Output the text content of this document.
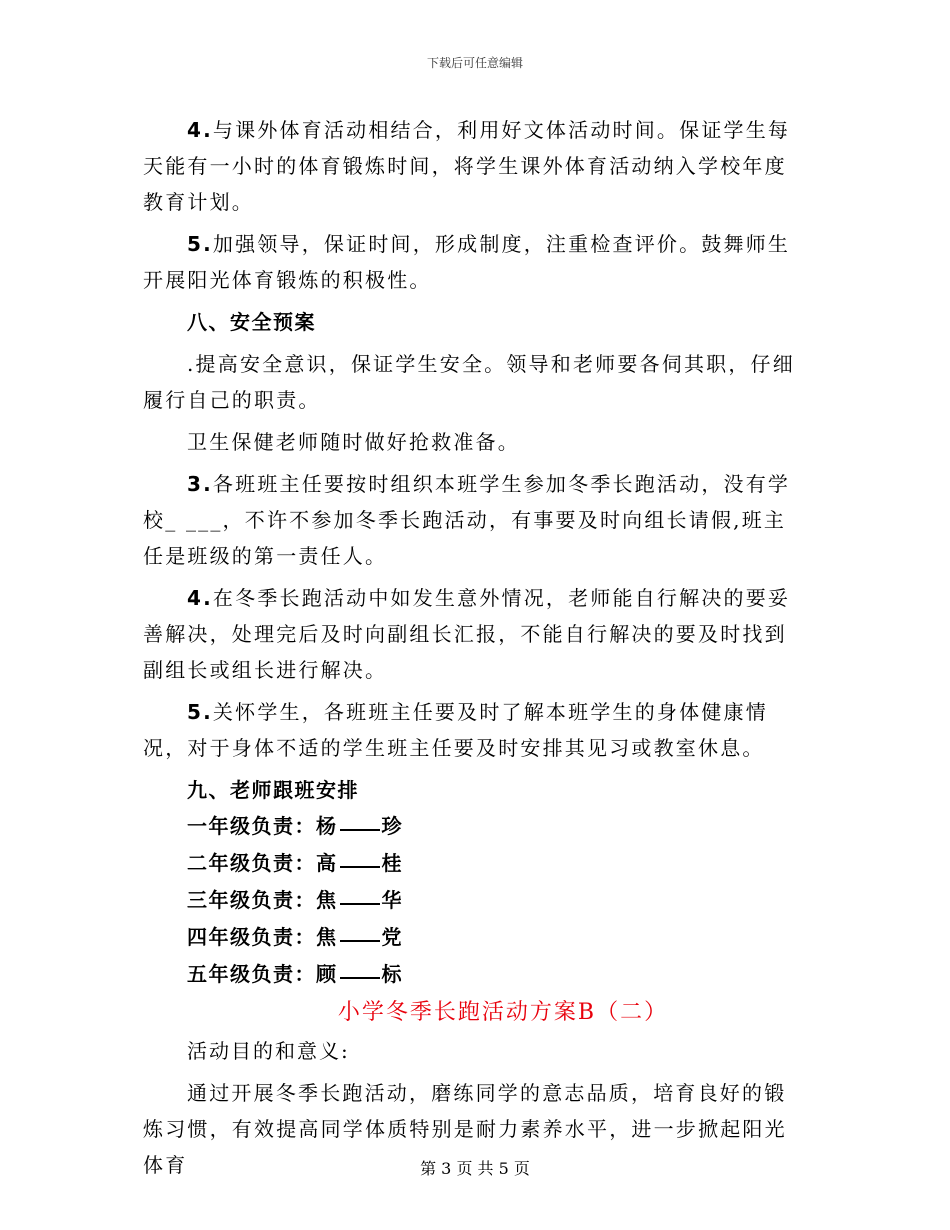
下载后可任意编辑

4.与课外体育活动相结合，利用好文体活动时间。保证学生每天能有一小时的体育锻炼时间，将学生课外体育活动纳入学校年度教育计划。

5.加强领导，保证时间，形成制度，注重检查评价。鼓舞师生开展阳光体育锻炼的积极性。

八、安全预案

.提高安全意识，保证学生安全。领导和老师要各伺其职，仔细履行自己的职责。

卫生保健老师随时做好抢救准备。

3.各班班主任要按时组织本班学生参加冬季长跑活动，没有学校_ ___，不许不参加冬季长跑活动，有事要及时向组长请假,班主任是班级的第一责任人。

4.在冬季长跑活动中如发生意外情况，老师能自行解决的要妥善解决，处理完后及时向副组长汇报，不能自行解决的要及时找到副组长或组长进行解决。

5.关怀学生，各班班主任要及时了解本班学生的身体健康情况，对于身体不适的学生班主任要及时安排其见习或教室休息。

九、老师跟班安排
一年级负责：杨 珍
二年级负责：高 桂
三年级负责：焦 华
四年级负责：焦 党
五年级负责：顾 标
小学冬季长跑活动方案B（二）
活动目的和意义:

通过开展冬季长跑活动，磨练同学的意志品质，培育良好的锻炼习惯，有效提高同学体质特别是耐力素养水平，进一步掀起阳光体育	第 3 页 共 5 页
